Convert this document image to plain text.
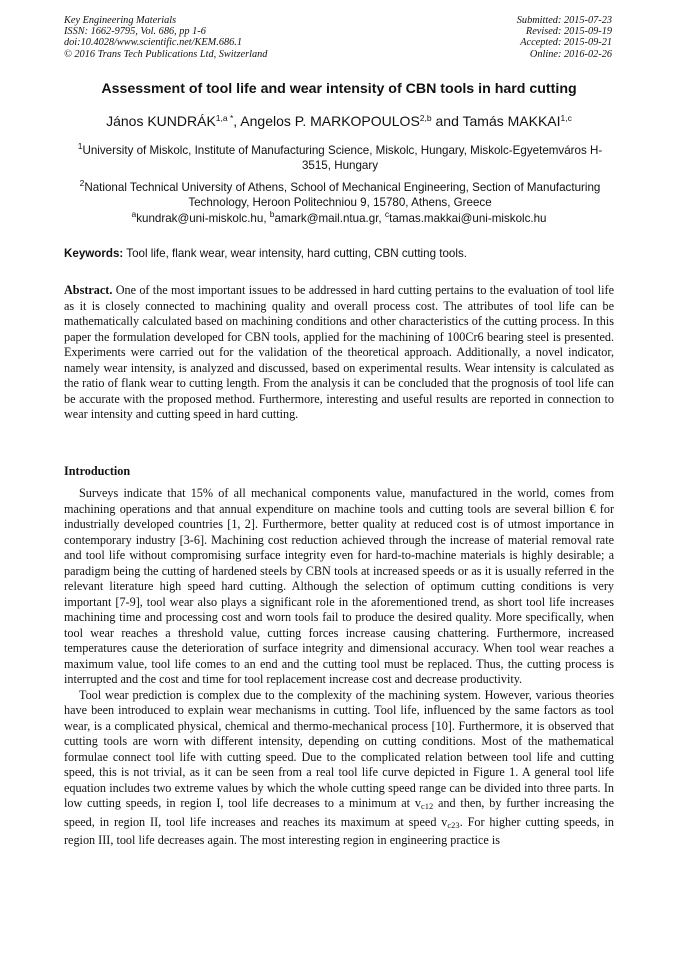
Key Engineering Materials
ISSN: 1662-9795, Vol. 686, pp 1-6
doi:10.4028/www.scientific.net/KEM.686.1
© 2016 Trans Tech Publications Ltd, Switzerland
Submitted: 2015-07-23
Revised: 2015-09-19
Accepted: 2015-09-21
Online: 2016-02-26
Assessment of tool life and wear intensity of CBN tools in hard cutting
János $KUNDRÁK^{1,a *}$, Angelos P. MARKOPOULOS$^{2,b}$ and Tamás MAKKAI$^{1,c}$
$^1$University of Miskolc, Institute of Manufacturing Science, Miskolc, Hungary, Miskolc-Egyetemváros H-3515, Hungary
$^2$National Technical University of Athens, School of Mechanical Engineering, Section of Manufacturing Technology, Heroon Politechniou 9, 15780, Athens, Greece
$^a$kundrak@uni-miskolc.hu, $^b$amark@mail.ntua.gr, $^c$tamas.makkai@uni-miskolc.hu
Keywords: Tool life, flank wear, wear intensity, hard cutting, CBN cutting tools.
Abstract. One of the most important issues to be addressed in hard cutting pertains to the evaluation of tool life as it is closely connected to machining quality and overall process cost. The attributes of tool life can be mathematically calculated based on machining conditions and other characteristics of the cutting process. In this paper the formulation developed for CBN tools, applied for the machining of 100Cr6 bearing steel is presented. Experiments were carried out for the validation of the theoretical approach. Additionally, a novel indicator, namely wear intensity, is analyzed and discussed, based on experimental results. Wear intensity is calculated as the ratio of flank wear to cutting length. From the analysis it can be concluded that the prognosis of tool life can be accurate with the proposed method. Furthermore, interesting and useful results are reported in connection to wear intensity and cutting speed in hard cutting.
Introduction

Surveys indicate that 15% of all mechanical components value, manufactured in the world, comes from machining operations and that annual expenditure on machine tools and cutting tools are several billion € for industrially developed countries [1, 2]. Furthermore, better quality at reduced cost is of utmost importance in contemporary industry [3-6]. Machining cost reduction achieved through the increase of material removal rate and tool life without compromising surface integrity even for hard-to-machine materials is highly desirable; a paradigm being the cutting of hardened steels by CBN tools at increased speeds or as it is usually referred in the relevant literature high speed hard cutting. Although the selection of optimum cutting conditions is very important [7-9], tool wear also plays a significant role in the aforementioned trend, as short tool life increases machining time and processing cost and worn tools fail to produce the desired quality. More specifically, when tool wear reaches a threshold value, cutting forces increase causing chattering. Furthermore, increased temperatures cause the deterioration of surface integrity and dimensional accuracy. When tool wear reaches a maximum value, tool life comes to an end and the cutting tool must be replaced. Thus, the cutting process is interrupted and the cost and time for tool replacement increase cost and decrease productivity.

Tool wear prediction is complex due to the complexity of the machining system. However, various theories have been introduced to explain wear mechanisms in cutting. Tool life, influenced by the same factors as tool wear, is a complicated physical, chemical and thermo-mechanical process [10]. Furthermore, it is observed that cutting tools are worn with different intensity, depending on cutting conditions. Most of the mathematical formulae connect tool life with cutting speed. Due to the complicated relation between tool life and cutting speed, this is not trivial, as it can be seen from a real tool life curve depicted in Figure 1. A general tool life equation includes two extreme values by which the whole cutting speed range can be divided into three parts. In low cutting speeds, in region I, tool life decreases to a minimum at $v_{c12}$ and then, by further increasing the speed, in region II, tool life increases and reaches its maximum at speed $v_{c23}$. For higher cutting speeds, in region III, tool life decreases again. The most interesting region in engineering practice is
